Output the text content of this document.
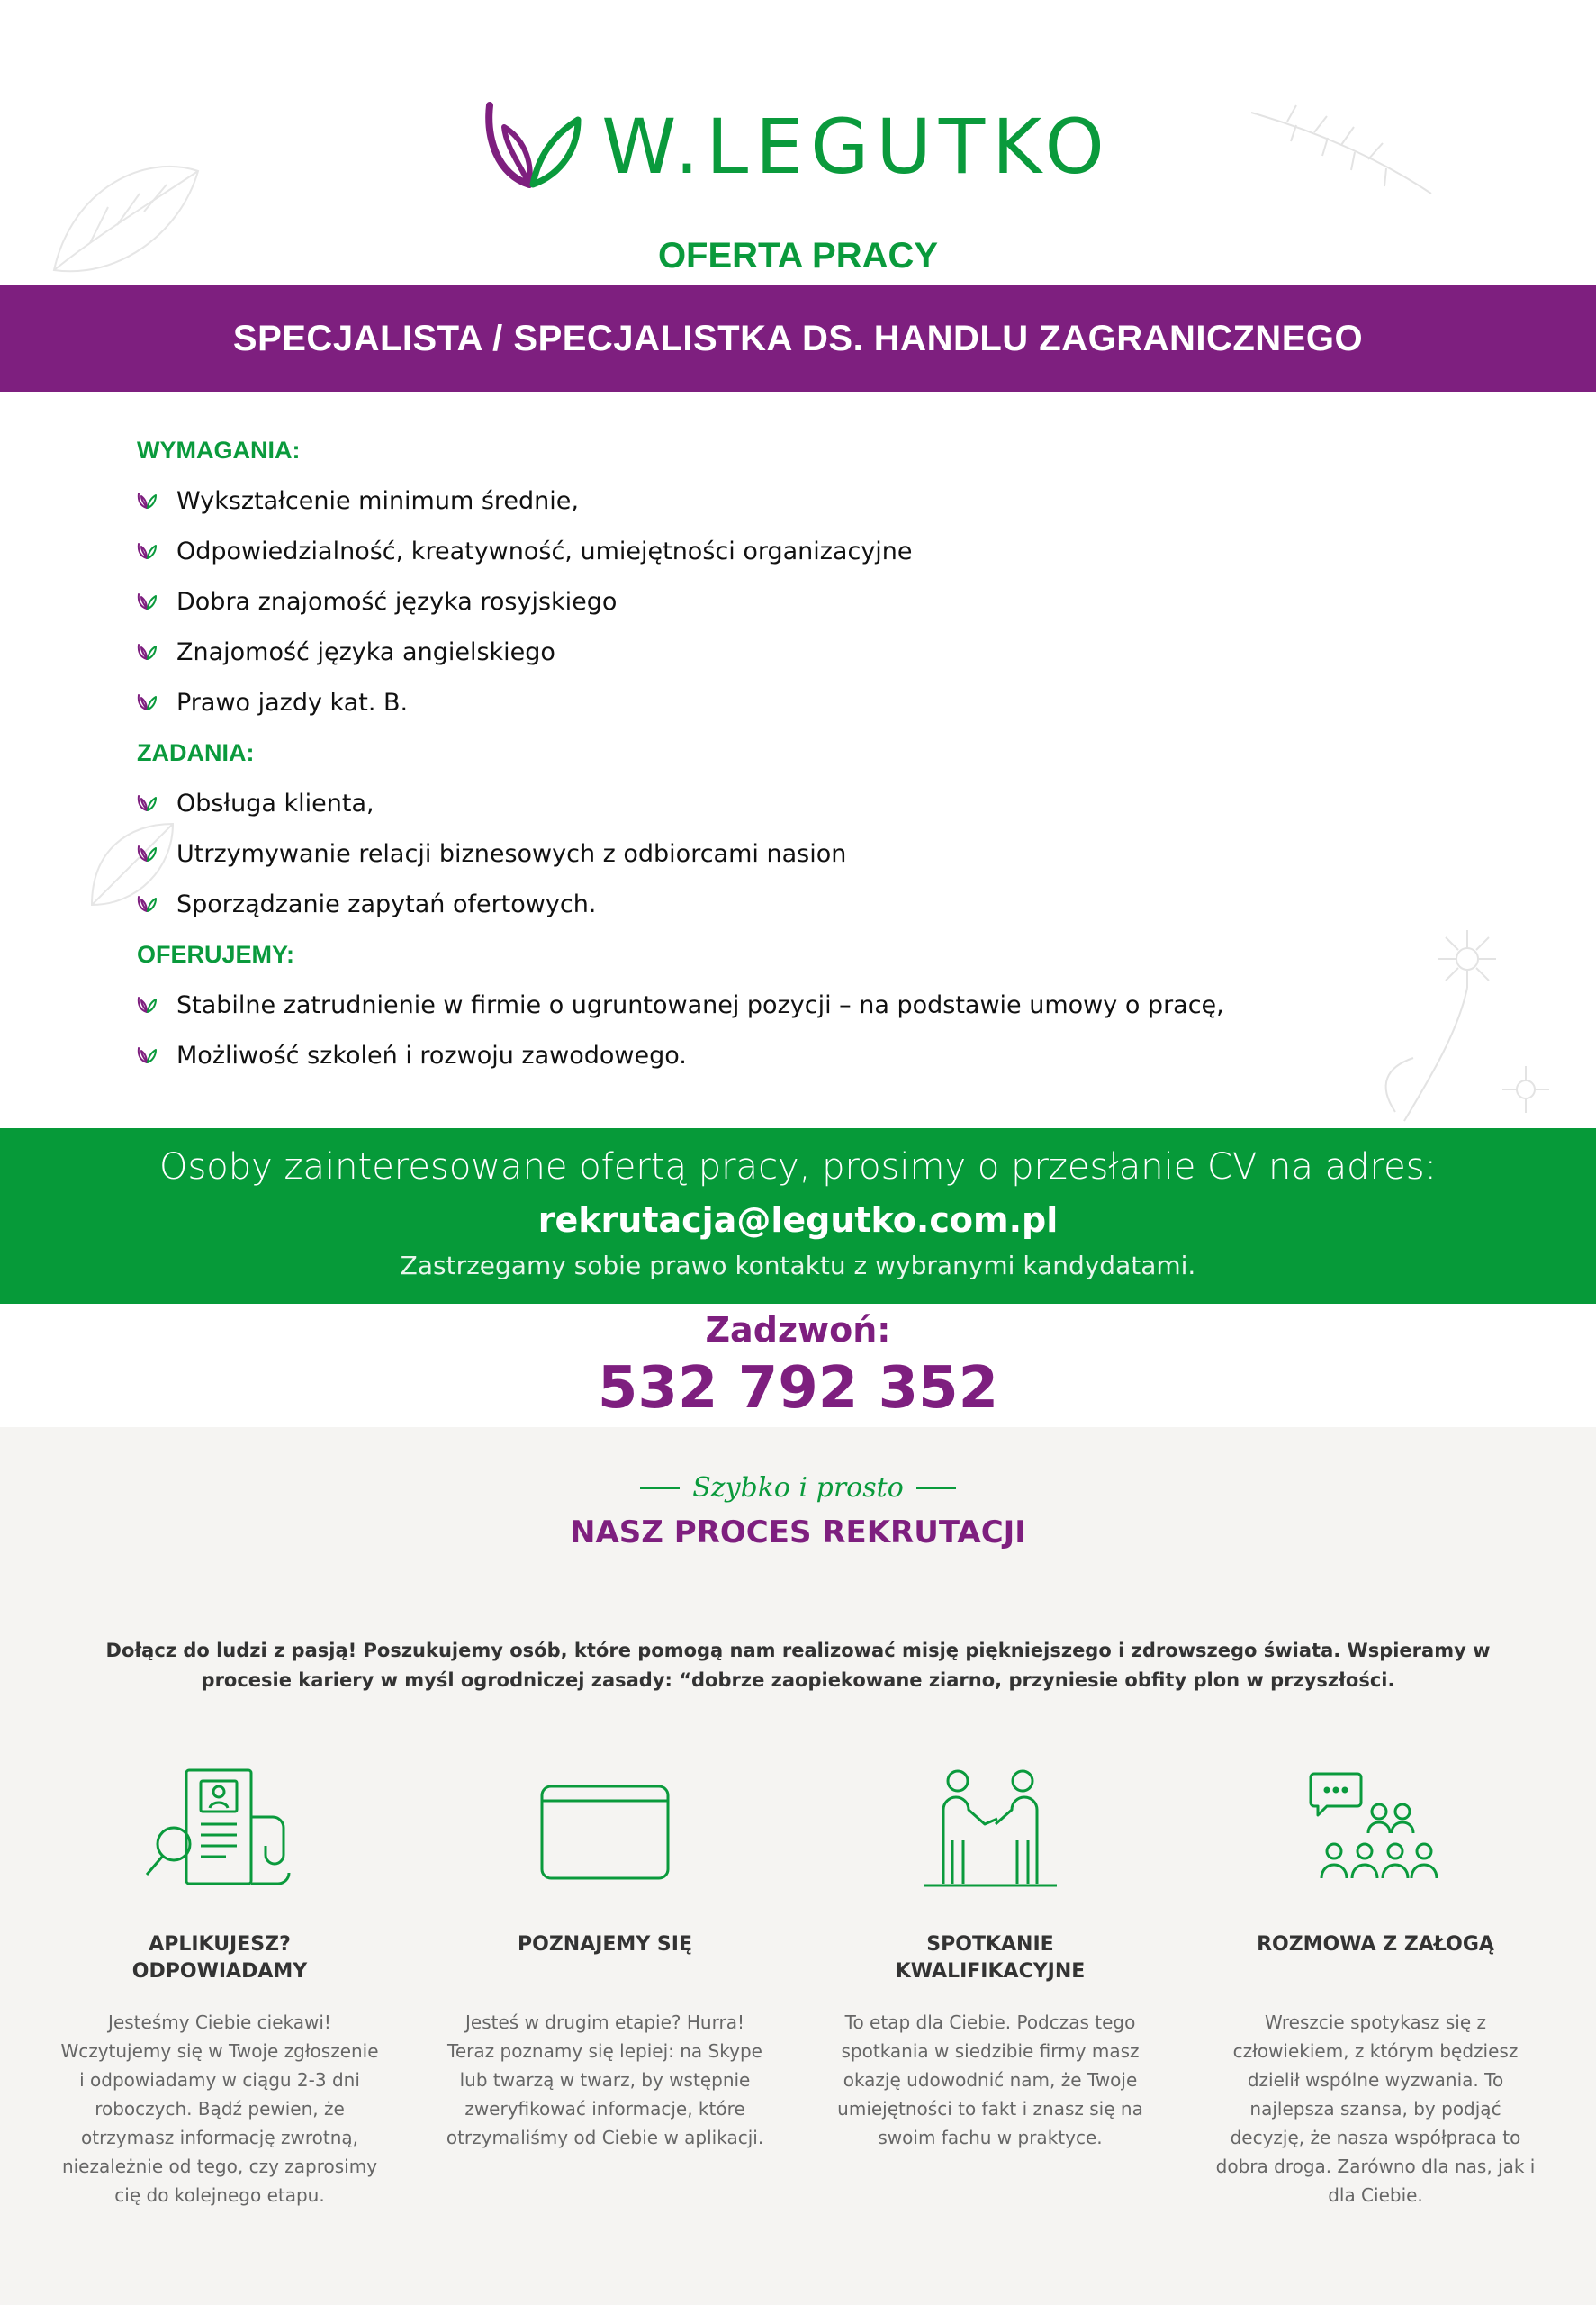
W.LEGUTKO
OFERTA PRACY
SPECJALISTA / SPECJALISTKA DS. HANDLU ZAGRANICZNEGO
WYMAGANIA:
Wykształcenie minimum średnie,
Odpowiedzialność, kreatywność, umiejętności organizacyjne
Dobra znajomość języka rosyjskiego
Znajomość języka angielskiego
Prawo jazdy kat. B.
ZADANIA:
Obsługa klienta,
Utrzymywanie relacji biznesowych z odbiorcami nasion
Sporządzanie zapytań ofertowych.
OFERUJEMY:
Stabilne zatrudnienie w firmie o ugruntowanej pozycji – na podstawie umowy o pracę,
Możliwość szkoleń i rozwoju zawodowego.
Osoby zainteresowane ofertą pracy, prosimy o przesłanie CV na adres:
rekrutacja@legutko.com.pl
Zastrzegamy sobie prawo kontaktu z wybranymi kandydatami.
Zadzwoń:
532 792 352
Szybko i prosto
NASZ PROCES REKRUTACJI
Dołącz do ludzi z pasją! Poszukujemy osób, które pomogą nam realizować misję piękniejszego i zdrowszego świata. Wspieramy w procesie kariery w myśl ogrodniczej zasady: “dobrze zaopiekowane ziarno, przyniesie obfity plon w przyszłości.
APLIKUJESZ?
ODPOWIADAMY
Jesteśmy Ciebie ciekawi! Wczytujemy się w Twoje zgłoszenie i odpowiadamy w ciągu 2-3 dni roboczych. Bądź pewien, że otrzymasz informację zwrotną, niezależnie od tego, czy zaprosimy cię do kolejnego etapu.
POZNAJEMY SIĘ
Jesteś w drugim etapie? Hurra! Teraz poznamy się lepiej: na Skype lub twarzą w twarz, by wstępnie zweryfikować informacje, które otrzymaliśmy od Ciebie w aplikacji.
SPOTKANIE
KWALIFIKACYJNE
To etap dla Ciebie. Podczas tego spotkania w siedzibie firmy masz okazję udowodnić nam, że Twoje umiejętności to fakt i znasz się na swoim fachu w praktyce.
ROZMOWA Z ZAŁOGĄ
Wreszcie spotykasz się z człowiekiem, z którym będziesz dzielił wspólne wyzwania. To najlepsza szansa, by podjąć decyzję, że nasza współpraca to dobra droga. Zarówno dla nas, jak i dla Ciebie.
